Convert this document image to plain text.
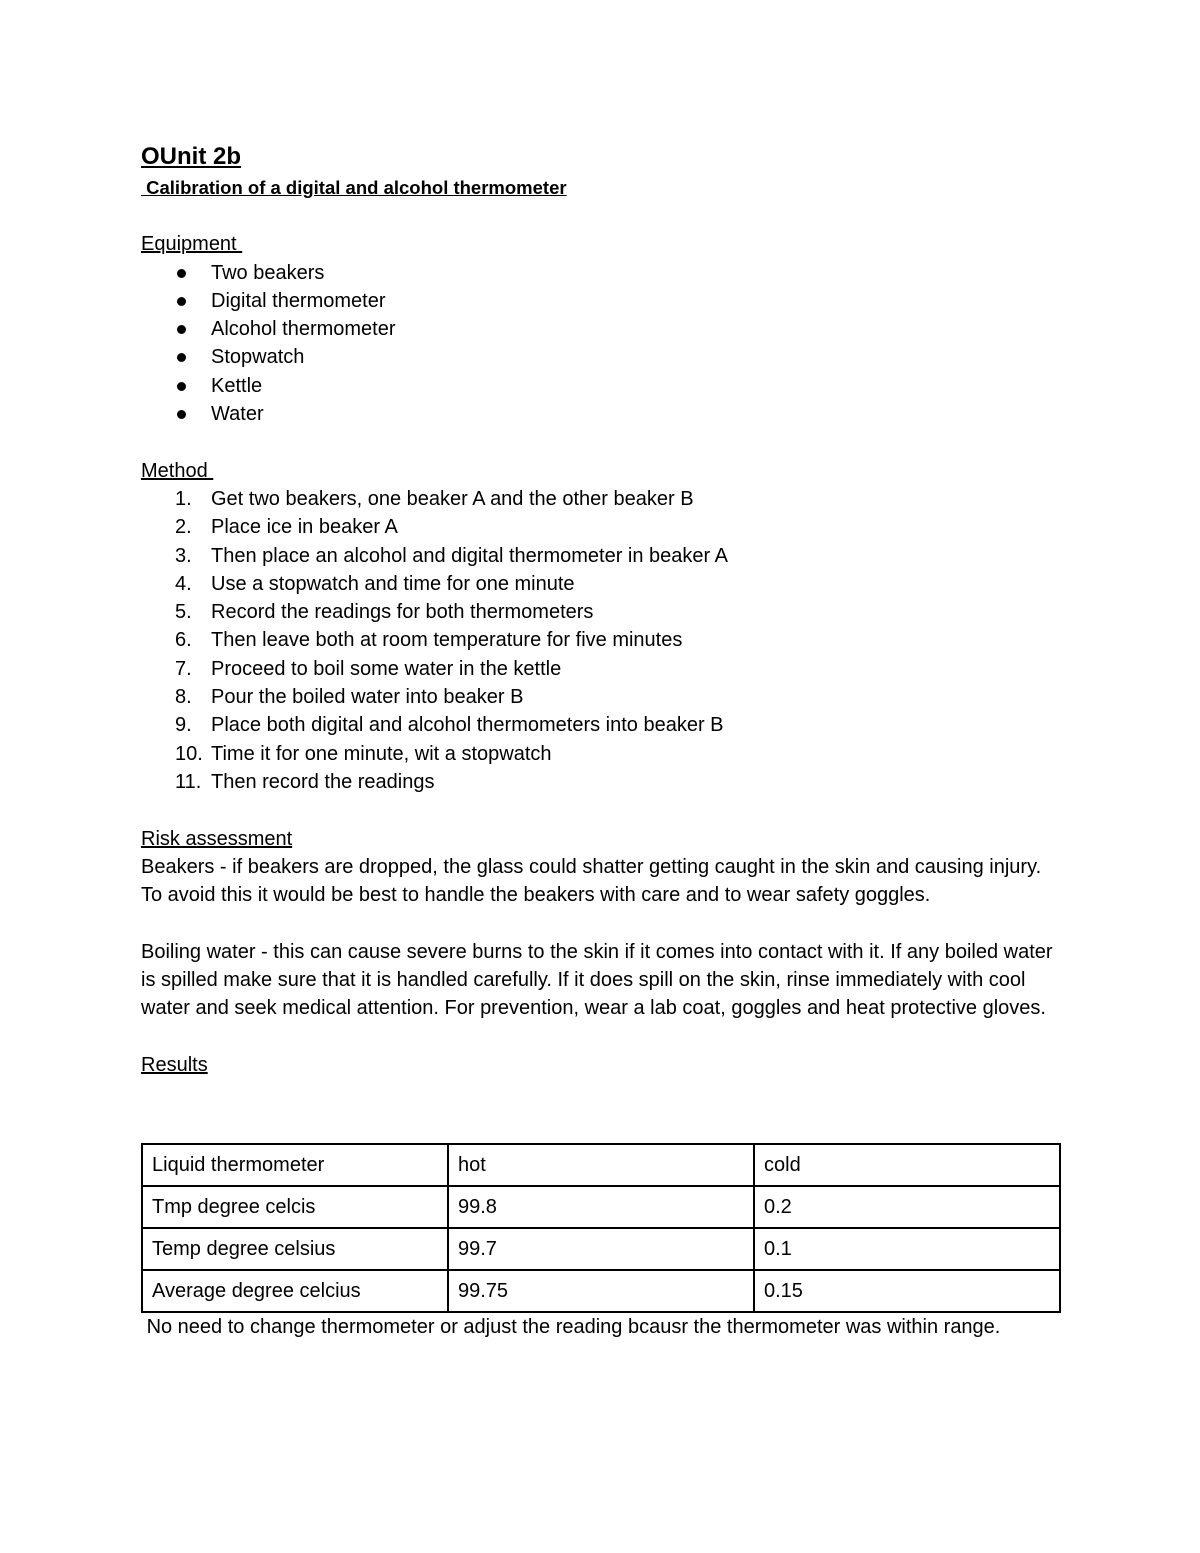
OUnit 2b
Calibration of a digital and alcohol thermometer
Equipment
Two beakers
Digital thermometer
Alcohol thermometer
Stopwatch
Kettle
Water
Method
1. Get two beakers, one beaker A and the other beaker B
2. Place ice in beaker A
3. Then place an alcohol and digital thermometer in beaker A
4. Use a stopwatch and time for one minute
5. Record the readings for both thermometers
6. Then leave both at room temperature for five minutes
7. Proceed to boil some water in the kettle
8. Pour the boiled water into beaker B
9. Place both digital and alcohol thermometers into beaker B
10. Time it for one minute, wit a stopwatch
11. Then record the readings
Risk assessment

Beakers - if beakers are dropped, the glass could shatter getting caught in the skin and causing injury. To avoid this it would be best to handle the beakers with care and to wear safety goggles.

Boiling water - this can cause severe burns to the skin if it comes into contact with it. If any boiled water is spilled make sure that it is handled carefully. If it does spill on the skin, rinse immediately with cool water and seek medical attention. For prevention, wear a lab coat, goggles and heat protective gloves.

Results
Liquid thermometer	hot	cold
Tmp degree celcis	99.8	0.2
Temp degree celsius	99.7	0.1
Average degree celcius	99.75	0.15

No need to change thermometer or adjust the reading bcausr the thermometer was within range.
